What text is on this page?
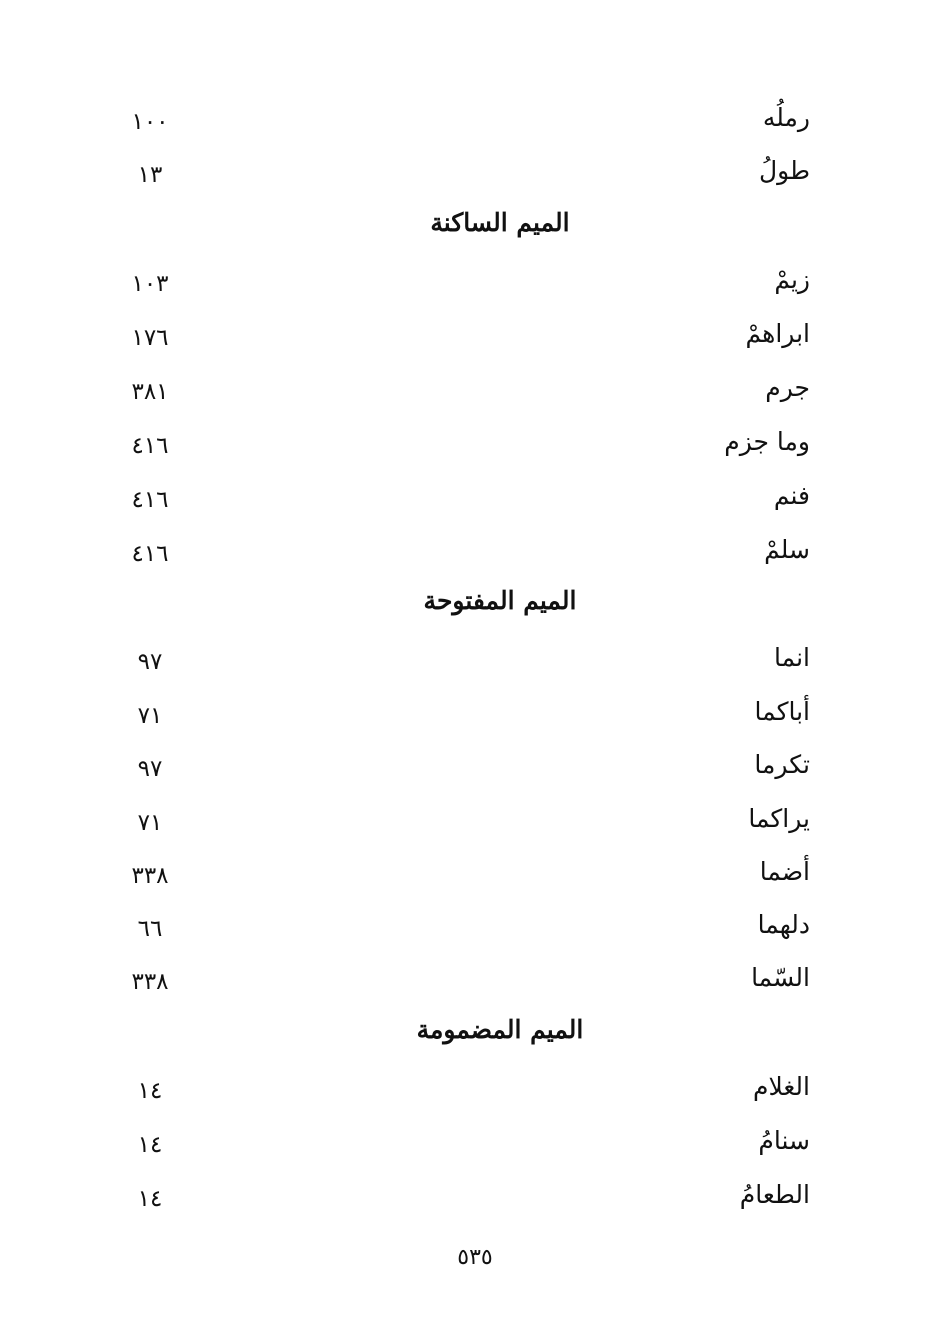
رملُه
١٠٠
طولُ
١٣
الميم الساكنة
زيمْ
١٠٣
ابراهمْ
١٧٦
جرم
٣٨١
وما جزم
٤١٦
فنم
٤١٦
سلمْ
٤١٦
الميم المفتوحة
انما
٩٧
أباكما
٧١
تكرما
٩٧
يراكما
٧١
أضما
٣٣٨
دلهما
٦٦
السّما
٣٣٨
الميم المضمومة
الغلام
١٤
سنامُ
١٤
الطعامُ
١٤
٥٣٥
